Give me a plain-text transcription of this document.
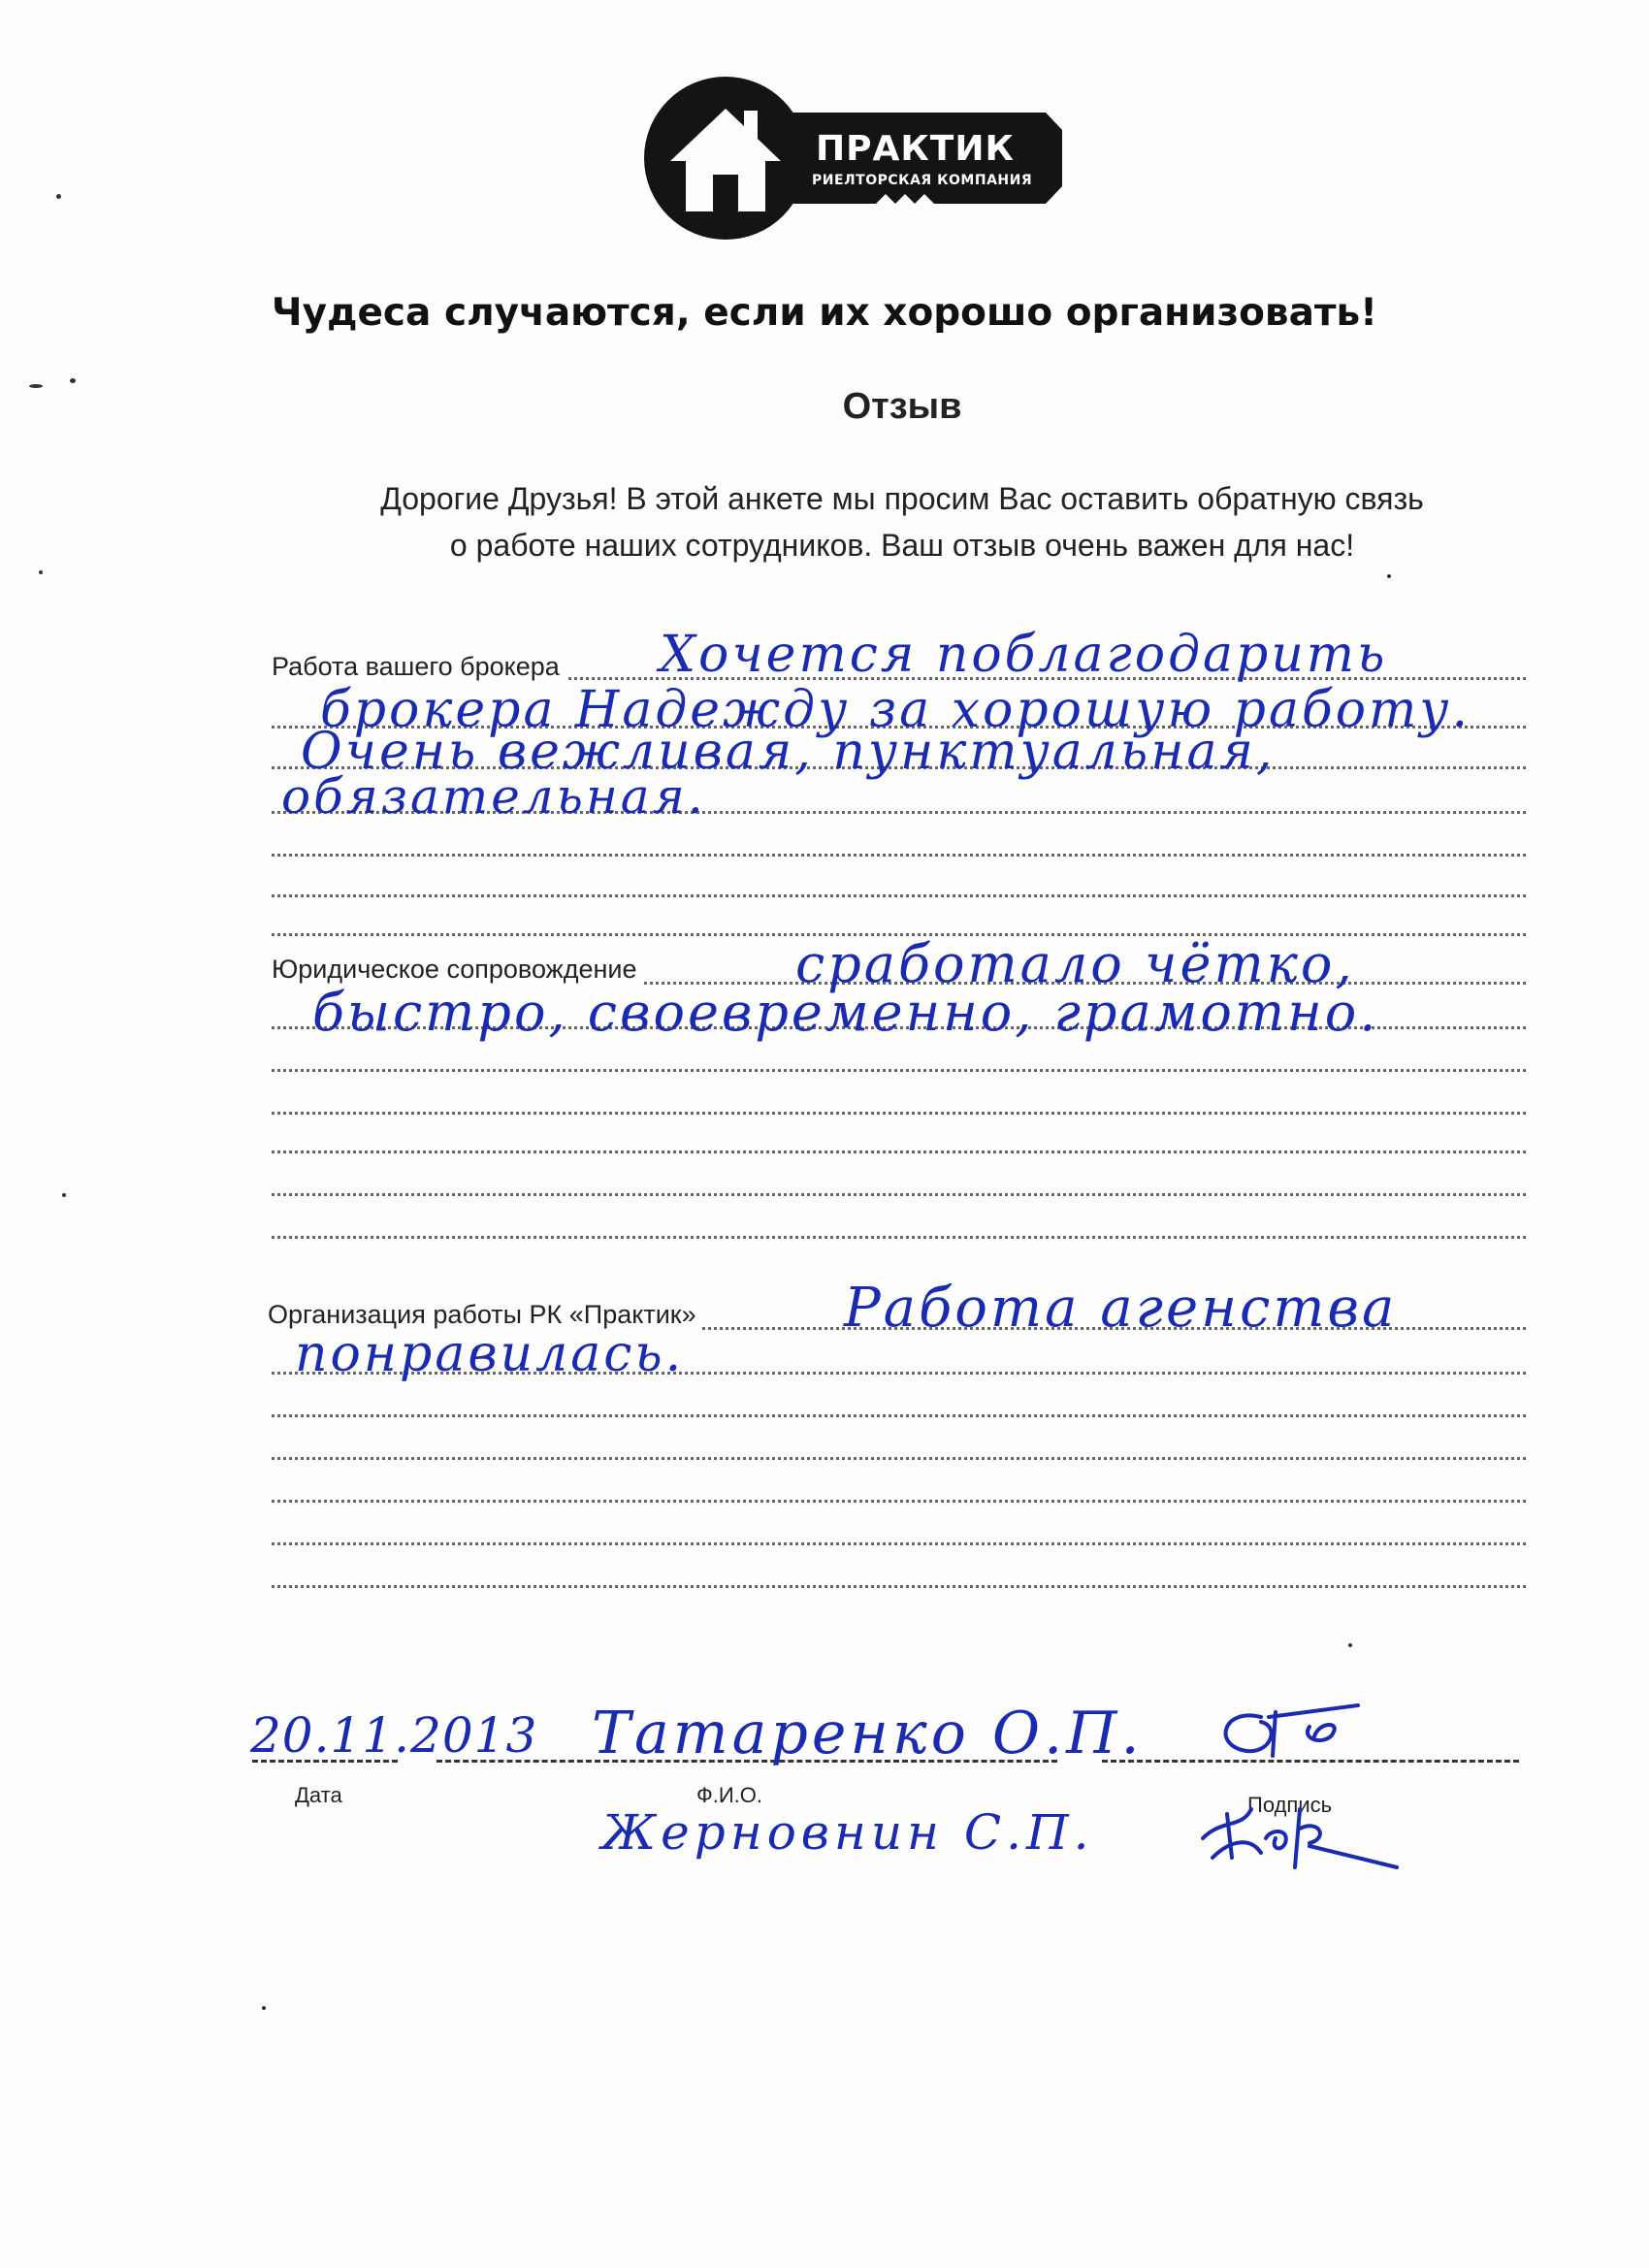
ПРАКТИК
РИЕЛТОРСКАЯ КОМПАНИЯ
Чудеса случаются, если их хорошо организовать!
Отзыв
Дорогие Друзья! В этой анкете мы просим Вас оставить обратную связь
о работе наших сотрудников. Ваш отзыв очень важен для нас!
Работа вашего брокера Хочется поблагодарить
брокера Надежду за хорошую работу.
Очень вежливая, пунктуальная,
обязательная.
Юридическое сопровождение	сработало чётко,
быстро, своевременно, грамотно.
Организация работы РК «Практик»	Работа агенства
понравилась.
20.11.2013 Татаренко О.П.
Дата	Ф.И.О.	Подпись
Жерновнин С.П.
